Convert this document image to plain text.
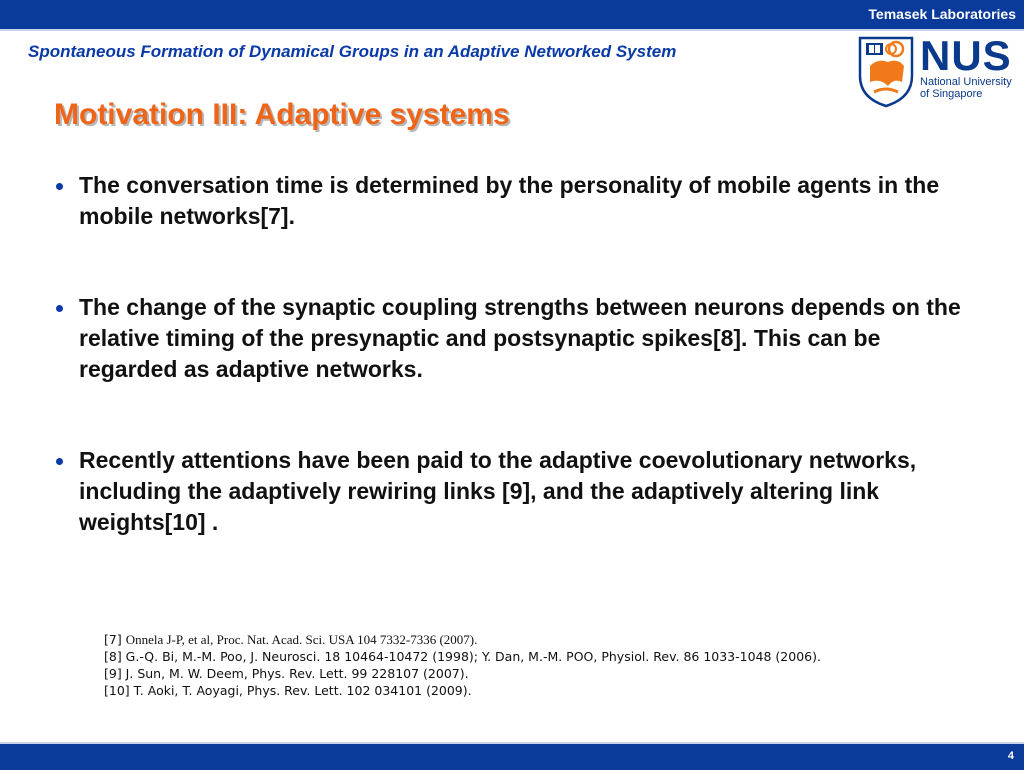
Temasek Laboratories
Spontaneous Formation of Dynamical Groups in an Adaptive Networked System	NUS
National University
of Singapore
Motivation III: Adaptive systems
The conversation time is determined by the personality of mobile agents in the mobile networks[7].
The change of the synaptic coupling strengths between neurons depends on the relative timing of the presynaptic and postsynaptic spikes[8]. This can be regarded as adaptive networks.
Recently attentions have been paid to the adaptive coevolutionary networks, including the adaptively rewiring links [9], and the adaptively altering link weights[10] .
[7] Onnela J-P, et al, Proc. Nat. Acad. Sci. USA 104 7332-7336 (2007).
[8] G.-Q. Bi, M.-M. Poo, J. Neurosci. 18 10464-10472 (1998); Y. Dan, M.-M. POO, Physiol. Rev. 86 1033-1048 (2006).
[9] J. Sun, M. W. Deem, Phys. Rev. Lett. 99 228107 (2007).
[10] T. Aoki, T. Aoyagi, Phys. Rev. Lett. 102 034101 (2009).
4
